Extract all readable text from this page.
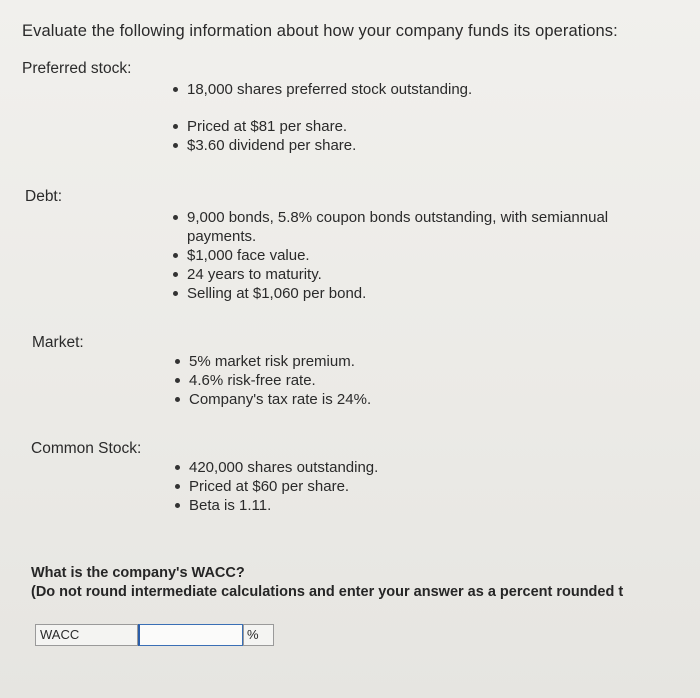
Evaluate the following information about how your company funds its operations:
Preferred stock:
18,000 shares preferred stock outstanding.
Priced at $81 per share.
$3.60 dividend per share.
Debt:
9,000 bonds, 5.8% coupon bonds outstanding, with semiannual payments.
$1,000 face value.
24 years to maturity.
Selling at $1,060 per bond.
Market:
5% market risk premium.
4.6% risk-free rate.
Company's tax rate is 24%.
Common Stock:
420,000 shares outstanding.
Priced at $60 per share.
Beta is 1.11.
What is the company's WACC?
(Do not round intermediate calculations and enter your answer as a percent rounded t
WACC	%
